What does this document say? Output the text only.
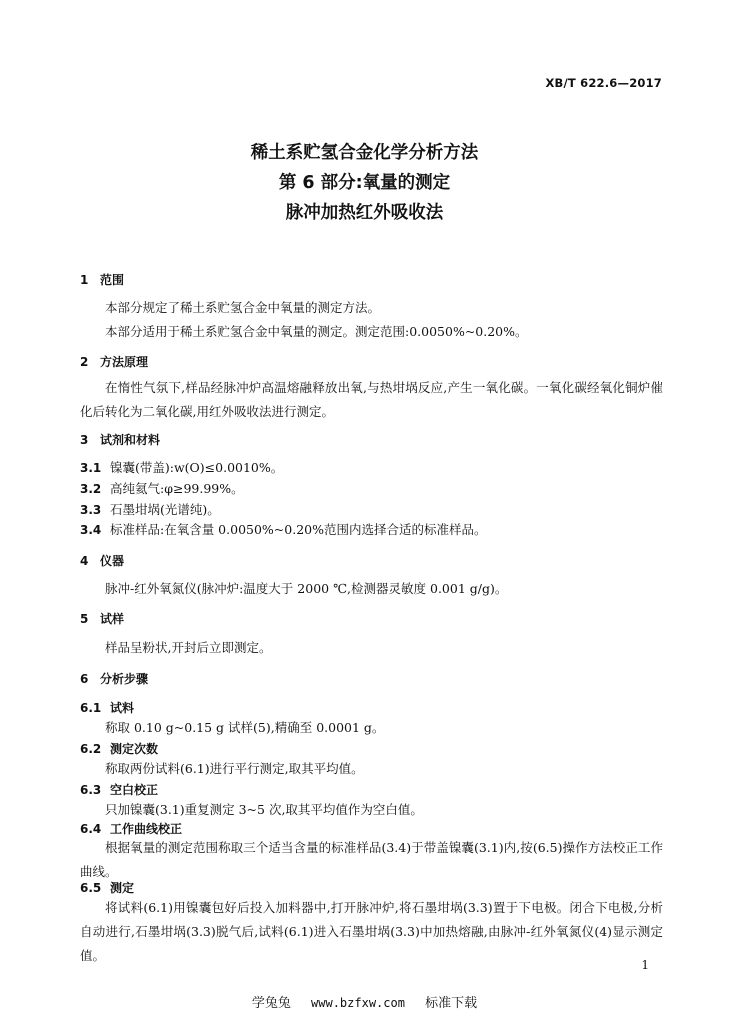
XB/T 622.6—2017
稀土系贮氢合金化学分析方法
第 6 部分:氧量的测定
脉冲加热红外吸收法
1 范围
本部分规定了稀土系贮氢合金中氧量的测定方法。
本部分适用于稀土系贮氢合金中氧量的测定。测定范围:0.0050%~0.20%。
2 方法原理
在惰性气氛下,样品经脉冲炉高温熔融释放出氧,与热坩埚反应,产生一氧化碳。一氧化碳经氧化铜炉催化后转化为二氧化碳,用红外吸收法进行测定。
3 试剂和材料
3.1 镍囊(带盖):w(O)≤0.0010%。
3.2 高纯氦气:φ≥99.99%。
3.3 石墨坩埚(光谱纯)。
3.4 标准样品:在氧含量 0.0050%~0.20%范围内选择合适的标准样品。
4 仪器
脉冲-红外氧氮仪(脉冲炉:温度大于 2000 ℃,检测器灵敏度 0.001 g/g)。
5 试样
样品呈粉状,开封后立即测定。
6 分析步骤
6.1 试料
称取 0.10 g~0.15 g 试样(5),精确至 0.0001 g。
6.2 测定次数
称取两份试料(6.1)进行平行测定,取其平均值。
6.3 空白校正
只加镍囊(3.1)重复测定 3~5 次,取其平均值作为空白值。
6.4 工作曲线校正
根据氧量的测定范围称取三个适当含量的标准样品(3.4)于带盖镍囊(3.1)内,按(6.5)操作方法校正工作曲线。
6.5 测定
将试料(6.1)用镍囊包好后投入加料器中,打开脉冲炉,将石墨坩埚(3.3)置于下电极。闭合下电极,分析自动进行,石墨坩埚(3.3)脱气后,试料(6.1)进入石墨坩埚(3.3)中加热熔融,由脉冲-红外氧氮仪(4)显示测定值。
1
学兔兔 www.bzfxw.com 标准下载
